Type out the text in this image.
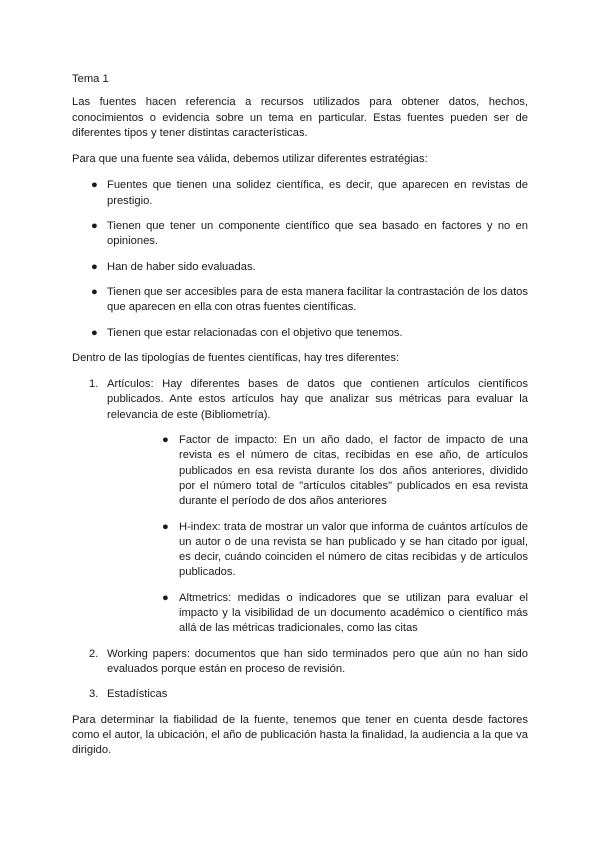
Tema 1

Las fuentes hacen referencia a recursos utilizados para obtener datos, hechos, conocimientos o evidencia sobre un tema en particular. Estas fuentes pueden ser de diferentes tipos y tener distintas características.

Para que una fuente sea válida, debemos utilizar diferentes estratégias:

● Fuentes que tienen una solidez científica, es decir, que aparecen en revistas de prestigio.
● Tienen que tener un componente científico que sea basado en factores y no en opiniones.
● Han de haber sido evaluadas.
● Tienen que ser accesibles para de esta manera facilitar la contrastación de los datos que aparecen en ella con otras fuentes científicas.
● Tienen que estar relacionadas con el objetivo que tenemos.

Dentro de las tipologías de fuentes científicas, hay tres diferentes:

1. Artículos: Hay diferentes bases de datos que contienen artículos científicos publicados. Ante estos artículos hay que analizar sus métricas para evaluar la relevancia de este (Bibliometría).
● Factor de impacto: En un año dado, el factor de impacto de una revista es el número de citas, recibidas en ese año, de artículos publicados en esa revista durante los dos años anteriores, dividido por el número total de "artículos citables" publicados en esa revista durante el período de dos años anteriores
● H-index: trata de mostrar un valor que informa de cuántos artículos de un autor o de una revista se han publicado y se han citado por igual, es decir, cuándo coinciden el número de citas recibidas y de artículos publicados.
● Altmetrics: medidas o indicadores que se utilizan para evaluar el impacto y la visibilidad de un documento académico o científico más allá de las métricas tradicionales, como las citas
2. Working papers: documentos que han sido terminados pero que aún no han sido evaluados porque están en proceso de revisión.
3. Estadísticas

Para determinar la fiabilidad de la fuente, tenemos que tener en cuenta desde factores como el autor, la ubicación, el año de publicación hasta la finalidad, la audiencia a la que va dirigido.
